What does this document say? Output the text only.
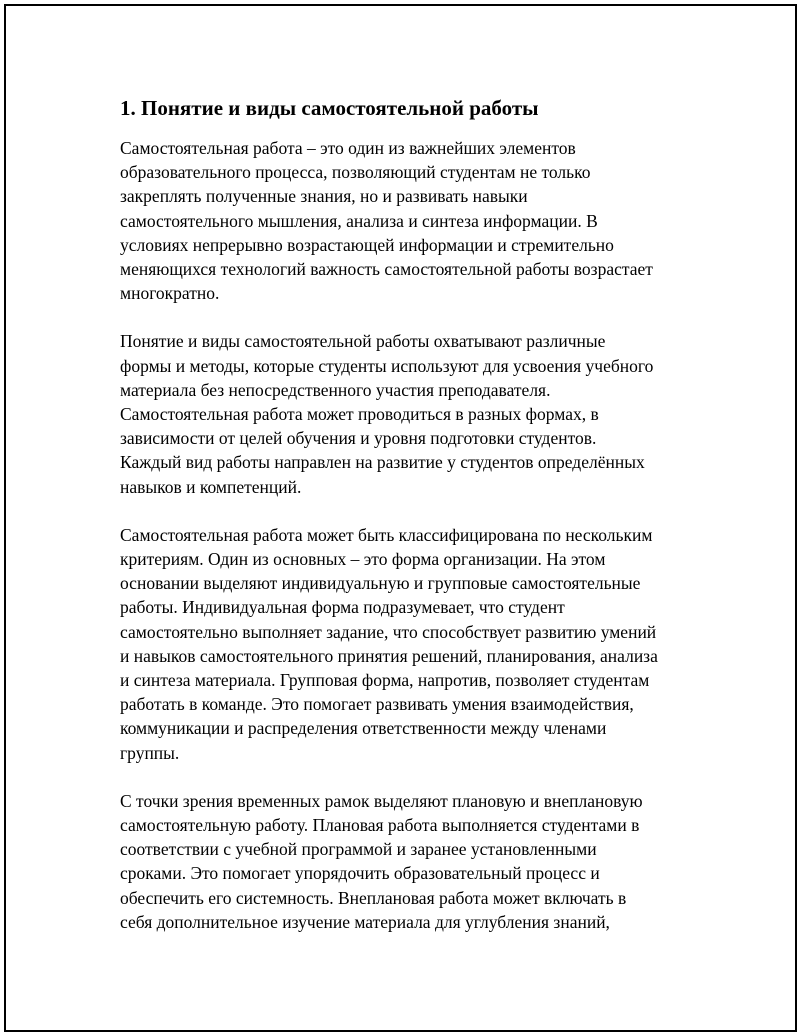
1. Понятие и виды самостоятельной работы
Самостоятельная работа – это один из важнейших элементов
образовательного процесса, позволяющий студентам не только
закреплять полученные знания, но и развивать навыки
самостоятельного мышления, анализа и синтеза информации. В
условиях непрерывно возрастающей информации и стремительно
меняющихся технологий важность самостоятельной работы возрастает
многократно.
Понятие и виды самостоятельной работы охватывают различные
формы и методы, которые студенты используют для усвоения учебного
материала без непосредственного участия преподавателя.
Самостоятельная работа может проводиться в разных формах, в
зависимости от целей обучения и уровня подготовки студентов.
Каждый вид работы направлен на развитие у студентов определённых
навыков и компетенций.
Самостоятельная работа может быть классифицирована по нескольким
критериям. Один из основных – это форма организации. На этом
основании выделяют индивидуальную и групповые самостоятельные
работы. Индивидуальная форма подразумевает, что студент
самостоятельно выполняет задание, что способствует развитию умений
и навыков самостоятельного принятия решений, планирования, анализа
и синтеза материала. Групповая форма, напротив, позволяет студентам
работать в команде. Это помогает развивать умения взаимодействия,
коммуникации и распределения ответственности между членами
группы.
С точки зрения временных рамок выделяют плановую и внеплановую
самостоятельную работу. Плановая работа выполняется студентами в
соответствии с учебной программой и заранее установленными
сроками. Это помогает упорядочить образовательный процесс и
обеспечить его системность. Внеплановая работа может включать в
себя дополнительное изучение материала для углубления знаний,
